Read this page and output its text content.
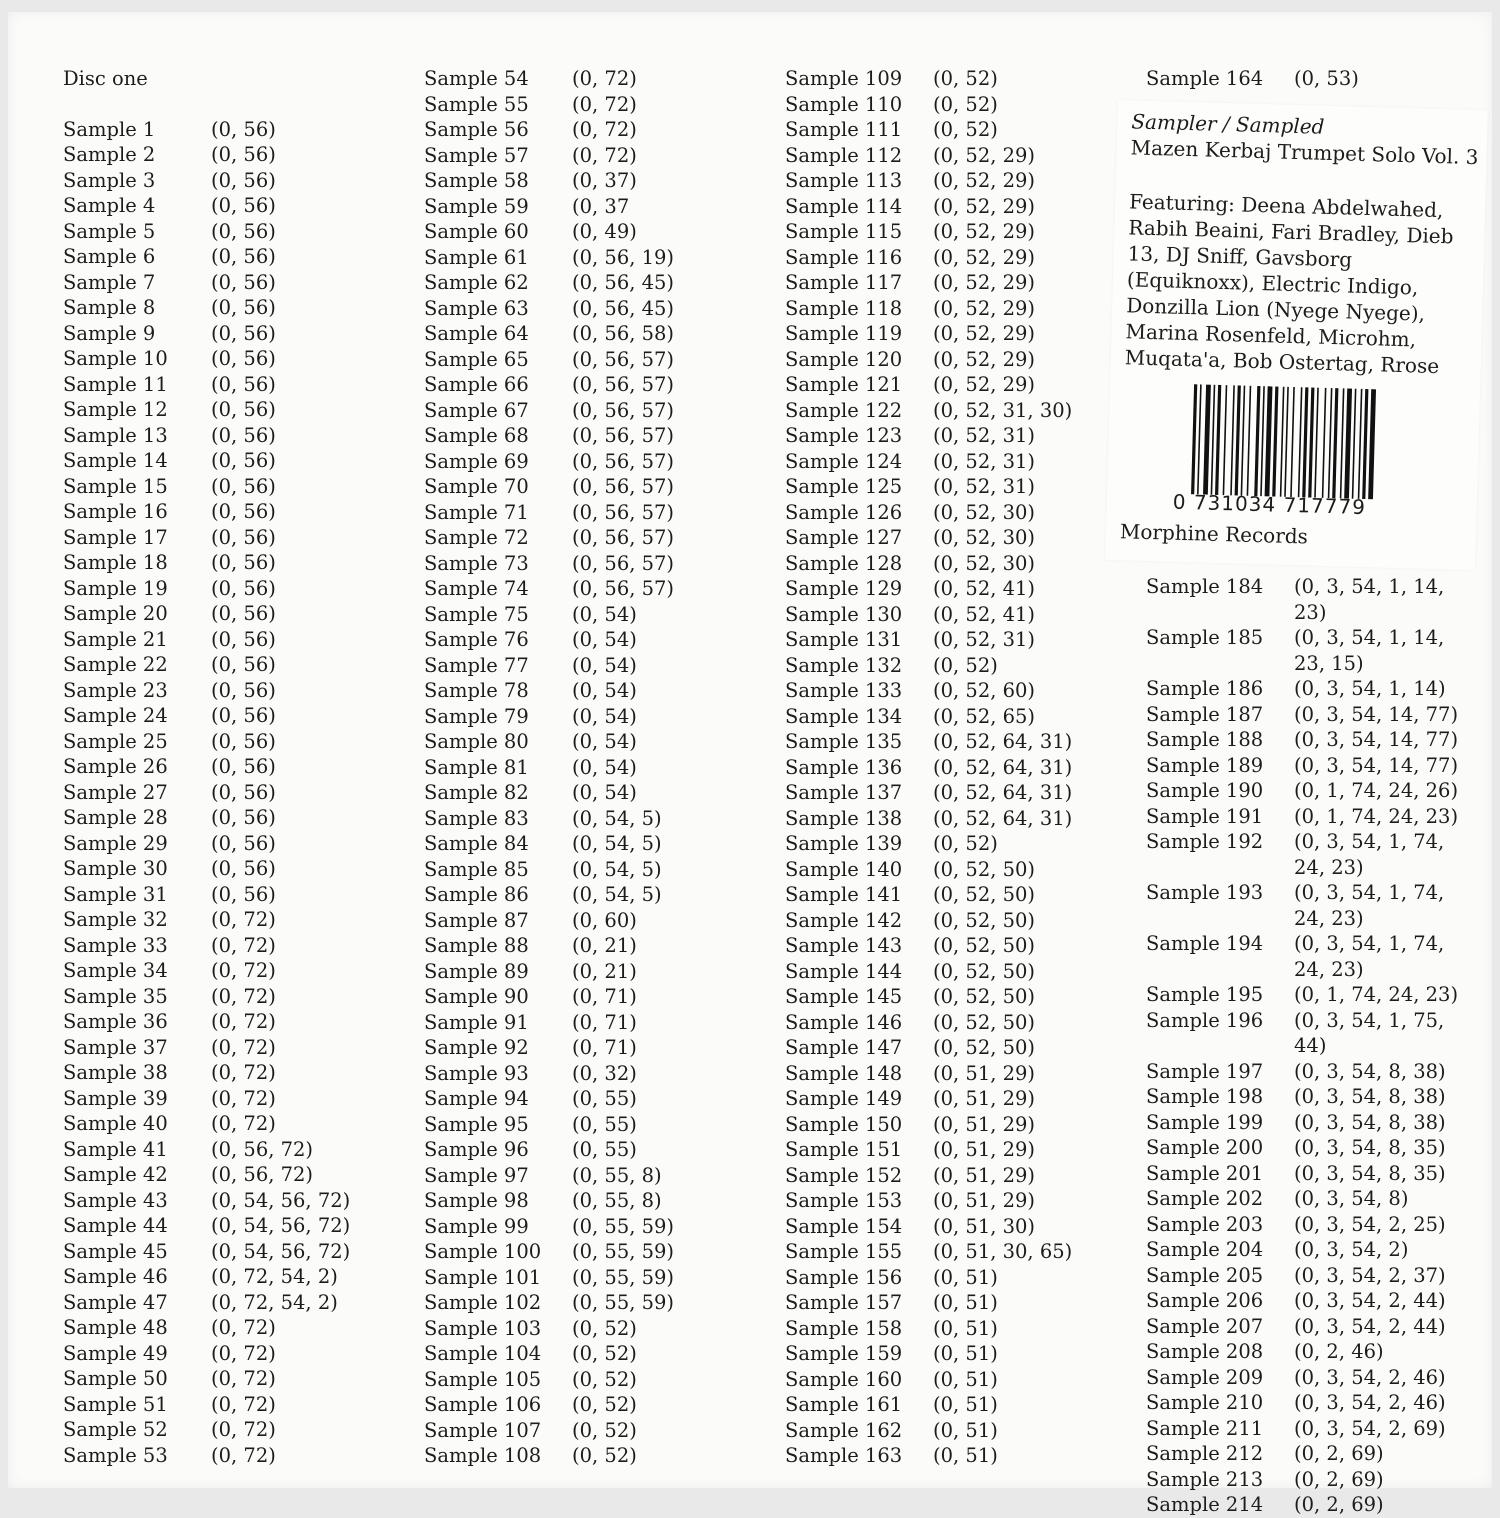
Disc one
Sample 1	(0, 56)
Sample 2	(0, 56)
Sample 3	(0, 56)
Sample 4	(0, 56)
Sample 5	(0, 56)
Sample 6	(0, 56)
Sample 7	(0, 56)
Sample 8	(0, 56)
Sample 9	(0, 56)
Sample 10	(0, 56)
Sample 11	(0, 56)
Sample 12	(0, 56)
Sample 13	(0, 56)
Sample 14	(0, 56)
Sample 15	(0, 56)
Sample 16	(0, 56)
Sample 17	(0, 56)
Sample 18	(0, 56)
Sample 19	(0, 56)
Sample 20	(0, 56)
Sample 21	(0, 56)
Sample 22	(0, 56)
Sample 23	(0, 56)
Sample 24	(0, 56)
Sample 25	(0, 56)
Sample 26	(0, 56)
Sample 27	(0, 56)
Sample 28	(0, 56)
Sample 29	(0, 56)
Sample 30	(0, 56)
Sample 31	(0, 56)
Sample 32	(0, 72)
Sample 33	(0, 72)
Sample 34	(0, 72)
Sample 35	(0, 72)
Sample 36	(0, 72)
Sample 37	(0, 72)
Sample 38	(0, 72)
Sample 39	(0, 72)
Sample 40	(0, 72)
Sample 41	(0, 56, 72)
Sample 42	(0, 56, 72)
Sample 43	(0, 54, 56, 72)
Sample 44	(0, 54, 56, 72)
Sample 45	(0, 54, 56, 72)
Sample 46	(0, 72, 54, 2)
Sample 47	(0, 72, 54, 2)
Sample 48	(0, 72)
Sample 49	(0, 72)
Sample 50	(0, 72)
Sample 51	(0, 72)
Sample 52	(0, 72)
Sample 53	(0, 72)
Sample 54	(0, 72)
Sample 55	(0, 72)
Sample 56	(0, 72)
Sample 57	(0, 72)
Sample 58	(0, 37)
Sample 59	(0, 37
Sample 60	(0, 49)
Sample 61	(0, 56, 19)
Sample 62	(0, 56, 45)
Sample 63	(0, 56, 45)
Sample 64	(0, 56, 58)
Sample 65	(0, 56, 57)
Sample 66	(0, 56, 57)
Sample 67	(0, 56, 57)
Sample 68	(0, 56, 57)
Sample 69	(0, 56, 57)
Sample 70	(0, 56, 57)
Sample 71	(0, 56, 57)
Sample 72	(0, 56, 57)
Sample 73	(0, 56, 57)
Sample 74	(0, 56, 57)
Sample 75	(0, 54)
Sample 76	(0, 54)
Sample 77	(0, 54)
Sample 78	(0, 54)
Sample 79	(0, 54)
Sample 80	(0, 54)
Sample 81	(0, 54)
Sample 82	(0, 54)
Sample 83	(0, 54, 5)
Sample 84	(0, 54, 5)
Sample 85	(0, 54, 5)
Sample 86	(0, 54, 5)
Sample 87	(0, 60)
Sample 88	(0, 21)
Sample 89	(0, 21)
Sample 90	(0, 71)
Sample 91	(0, 71)
Sample 92	(0, 71)
Sample 93	(0, 32)
Sample 94	(0, 55)
Sample 95	(0, 55)
Sample 96	(0, 55)
Sample 97	(0, 55, 8)
Sample 98	(0, 55, 8)
Sample 99	(0, 55, 59)
Sample 100	(0, 55, 59)
Sample 101	(0, 55, 59)
Sample 102	(0, 55, 59)
Sample 103	(0, 52)
Sample 104	(0, 52)
Sample 105	(0, 52)
Sample 106	(0, 52)
Sample 107	(0, 52)
Sample 108	(0, 52)
Sample 109	(0, 52)
Sample 110	(0, 52)
Sample 111	(0, 52)
Sample 112	(0, 52, 29)
Sample 113	(0, 52, 29)
Sample 114	(0, 52, 29)
Sample 115	(0, 52, 29)
Sample 116	(0, 52, 29)
Sample 117	(0, 52, 29)
Sample 118	(0, 52, 29)
Sample 119	(0, 52, 29)
Sample 120	(0, 52, 29)
Sample 121	(0, 52, 29)
Sample 122	(0, 52, 31, 30)
Sample 123	(0, 52, 31)
Sample 124	(0, 52, 31)
Sample 125	(0, 52, 31)
Sample 126	(0, 52, 30)
Sample 127	(0, 52, 30)
Sample 128	(0, 52, 30)
Sample 129	(0, 52, 41)
Sample 130	(0, 52, 41)
Sample 131	(0, 52, 31)
Sample 132	(0, 52)
Sample 133	(0, 52, 60)
Sample 134	(0, 52, 65)
Sample 135	(0, 52, 64, 31)
Sample 136	(0, 52, 64, 31)
Sample 137	(0, 52, 64, 31)
Sample 138	(0, 52, 64, 31)
Sample 139	(0, 52)
Sample 140	(0, 52, 50)
Sample 141	(0, 52, 50)
Sample 142	(0, 52, 50)
Sample 143	(0, 52, 50)
Sample 144	(0, 52, 50)
Sample 145	(0, 52, 50)
Sample 146	(0, 52, 50)
Sample 147	(0, 52, 50)
Sample 148	(0, 51, 29)
Sample 149	(0, 51, 29)
Sample 150	(0, 51, 29)
Sample 151	(0, 51, 29)
Sample 152	(0, 51, 29)
Sample 153	(0, 51, 29)
Sample 154	(0, 51, 30)
Sample 155	(0, 51, 30, 65)
Sample 156	(0, 51)
Sample 157	(0, 51)
Sample 158	(0, 51)
Sample 159	(0, 51)
Sample 160	(0, 51)
Sample 161	(0, 51)
Sample 162	(0, 51)
Sample 163	(0, 51)
Sample 164	(0, 53)
Sample 184	(0, 3, 54, 1, 14, 23)
Sample 185	(0, 3, 54, 1, 14, 23, 15)
Sample 186	(0, 3, 54, 1, 14)
Sample 187	(0, 3, 54, 14, 77)
Sample 188	(0, 3, 54, 14, 77)
Sample 189	(0, 3, 54, 14, 77)
Sample 190	(0, 1, 74, 24, 26)
Sample 191	(0, 1, 74, 24, 23)
Sample 192	(0, 3, 54, 1, 74, 24, 23)
Sample 193	(0, 3, 54, 1, 74, 24, 23)
Sample 194	(0, 3, 54, 1, 74, 24, 23)
Sample 195	(0, 1, 74, 24, 23)
Sample 196	(0, 3, 54, 1, 75, 44)
Sample 197	(0, 3, 54, 8, 38)
Sample 198	(0, 3, 54, 8, 38)
Sample 199	(0, 3, 54, 8, 38)
Sample 200	(0, 3, 54, 8, 35)
Sample 201	(0, 3, 54, 8, 35)
Sample 202	(0, 3, 54, 8)
Sample 203	(0, 3, 54, 2, 25)
Sample 204	(0, 3, 54, 2)
Sample 205	(0, 3, 54, 2, 37)
Sample 206	(0, 3, 54, 2, 44)
Sample 207	(0, 3, 54, 2, 44)
Sample 208	(0, 2, 46)
Sample 209	(0, 3, 54, 2, 46)
Sample 210	(0, 3, 54, 2, 46)
Sample 211	(0, 3, 54, 2, 69)
Sample 212	(0, 2, 69)
Sample 213	(0, 2, 69)
Sample 214	(0, 2, 69)
Sampler / Sampled
Mazen Kerbaj Trumpet Solo Vol. 3
Featuring: Deena Abdelwahed, Rabih Beaini, Fari Bradley, Dieb 13, DJ Sniff, Gavsborg (Equiknoxx), Electric Indigo, Donzilla Lion (Nyege Nyege), Marina Rosenfeld, Microhm, Muqata'a, Bob Ostertag, Rrose
0 731034 717779
Morphine Records
